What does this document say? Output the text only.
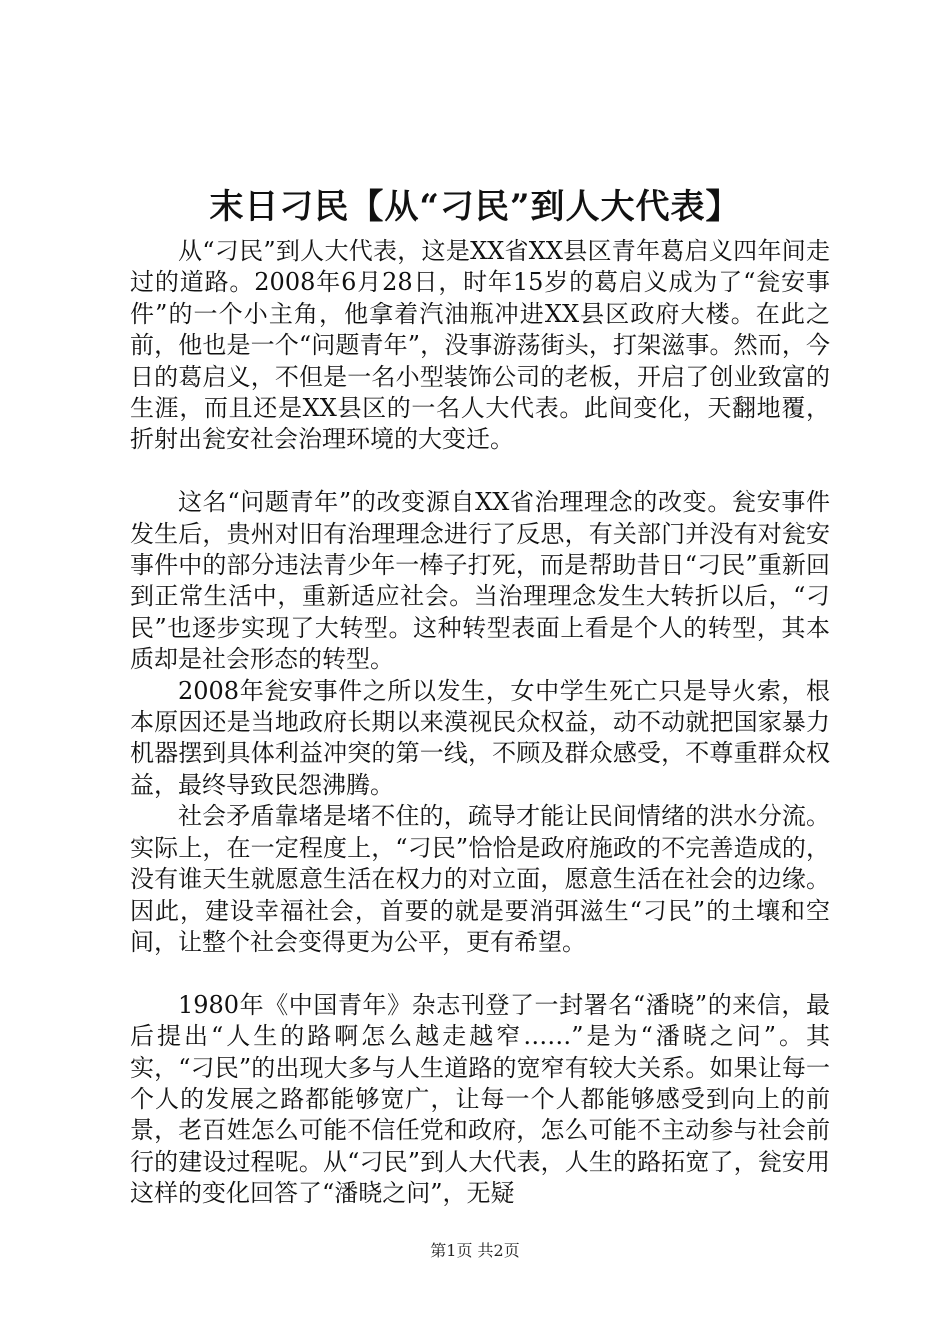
末日刁民【从“刁民”到人大代表】

从“刁民”到人大代表，这是XX省XX县区青年葛启义四年间走过的道路。2008年6月28日，时年15岁的葛启义成为了“瓮安事件”的一个小主角，他拿着汽油瓶冲进XX县区政府大楼。在此之前，他也是一个“问题青年”，没事游荡街头，打架滋事。然而，今日的葛启义，不但是一名小型装饰公司的老板，开启了创业致富的生涯，而且还是XX县区的一名人大代表。此间变化，天翻地覆，折射出瓮安社会治理环境的大变迁。

这名“问题青年”的改变源自XX省治理理念的改变。瓮安事件发生后，贵州对旧有治理理念进行了反思，有关部门并没有对瓮安事件中的部分违法青少年一棒子打死，而是帮助昔日“刁民”重新回到正常生活中，重新适应社会。当治理理念发生大转折以后，“刁民”也逐步实现了大转型。这种转型表面上看是个人的转型，其本质却是社会形态的转型。

2008年瓮安事件之所以发生，女中学生死亡只是导火索，根本原因还是当地政府长期以来漠视民众权益，动不动就把国家暴力机器摆到具体利益冲突的第一线，不顾及群众感受，不尊重群众权益，最终导致民怨沸腾。

社会矛盾靠堵是堵不住的，疏导才能让民间情绪的洪水分流。实际上，在一定程度上，“刁民”恰恰是政府施政的不完善造成的，没有谁天生就愿意生活在权力的对立面，愿意生活在社会的边缘。因此，建设幸福社会，首要的就是要消弭滋生“刁民”的土壤和空间，让整个社会变得更为公平，更有希望。

1980年《中国青年》杂志刊登了一封署名“潘晓”的来信，最后提出“人生的路啊怎么越走越窄……”是为“潘晓之问”。其实，“刁民”的出现大多与人生道路的宽窄有较大关系。如果让每一个人的发展之路都能够宽广，让每一个人都能够感受到向上的前景，老百姓怎么可能不信任党和政府，怎么可能不主动参与社会前行的建设过程呢。从“刁民”到人大代表，人生的路拓宽了，瓮安用这样的变化回答了“潘晓之问”，无疑

第1页 共2页
